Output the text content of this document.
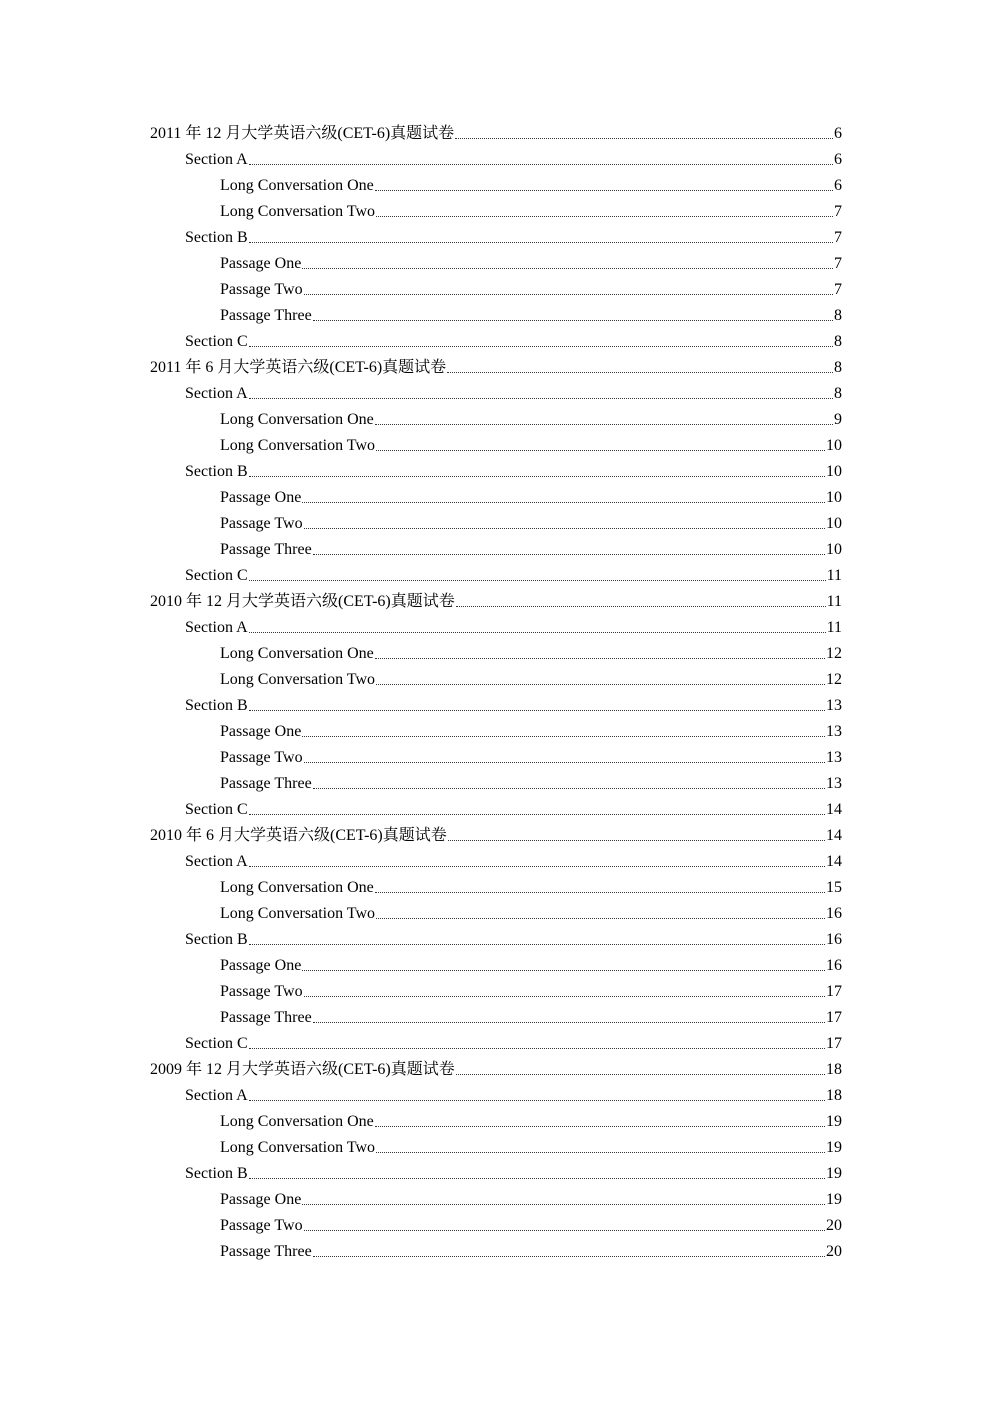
2011 年 12 月大学英语六级(CET-6)真题试卷	6
Section A	6
Long Conversation One	6
Long Conversation Two	7
Section B	7
Passage One	7
Passage Two	7
Passage Three	8
Section C	8
2011 年 6 月大学英语六级(CET-6)真题试卷	8
Section A	8
Long Conversation One	9
Long Conversation Two	10
Section B	10
Passage One	10
Passage Two	10
Passage Three	10
Section C	11
2010 年 12 月大学英语六级(CET-6)真题试卷	11
Section A	11
Long Conversation One	12
Long Conversation Two	12
Section B	13
Passage One	13
Passage Two	13
Passage Three	13
Section C	14
2010 年 6 月大学英语六级(CET-6)真题试卷	14
Section A	14
Long Conversation One	15
Long Conversation Two	16
Section B	16
Passage One	16
Passage Two	17
Passage Three	17
Section C	17
2009 年 12 月大学英语六级(CET-6)真题试卷	18
Section A	18
Long Conversation One	19
Long Conversation Two	19
Section B	19
Passage One	19
Passage Two	20
Passage Three	20
